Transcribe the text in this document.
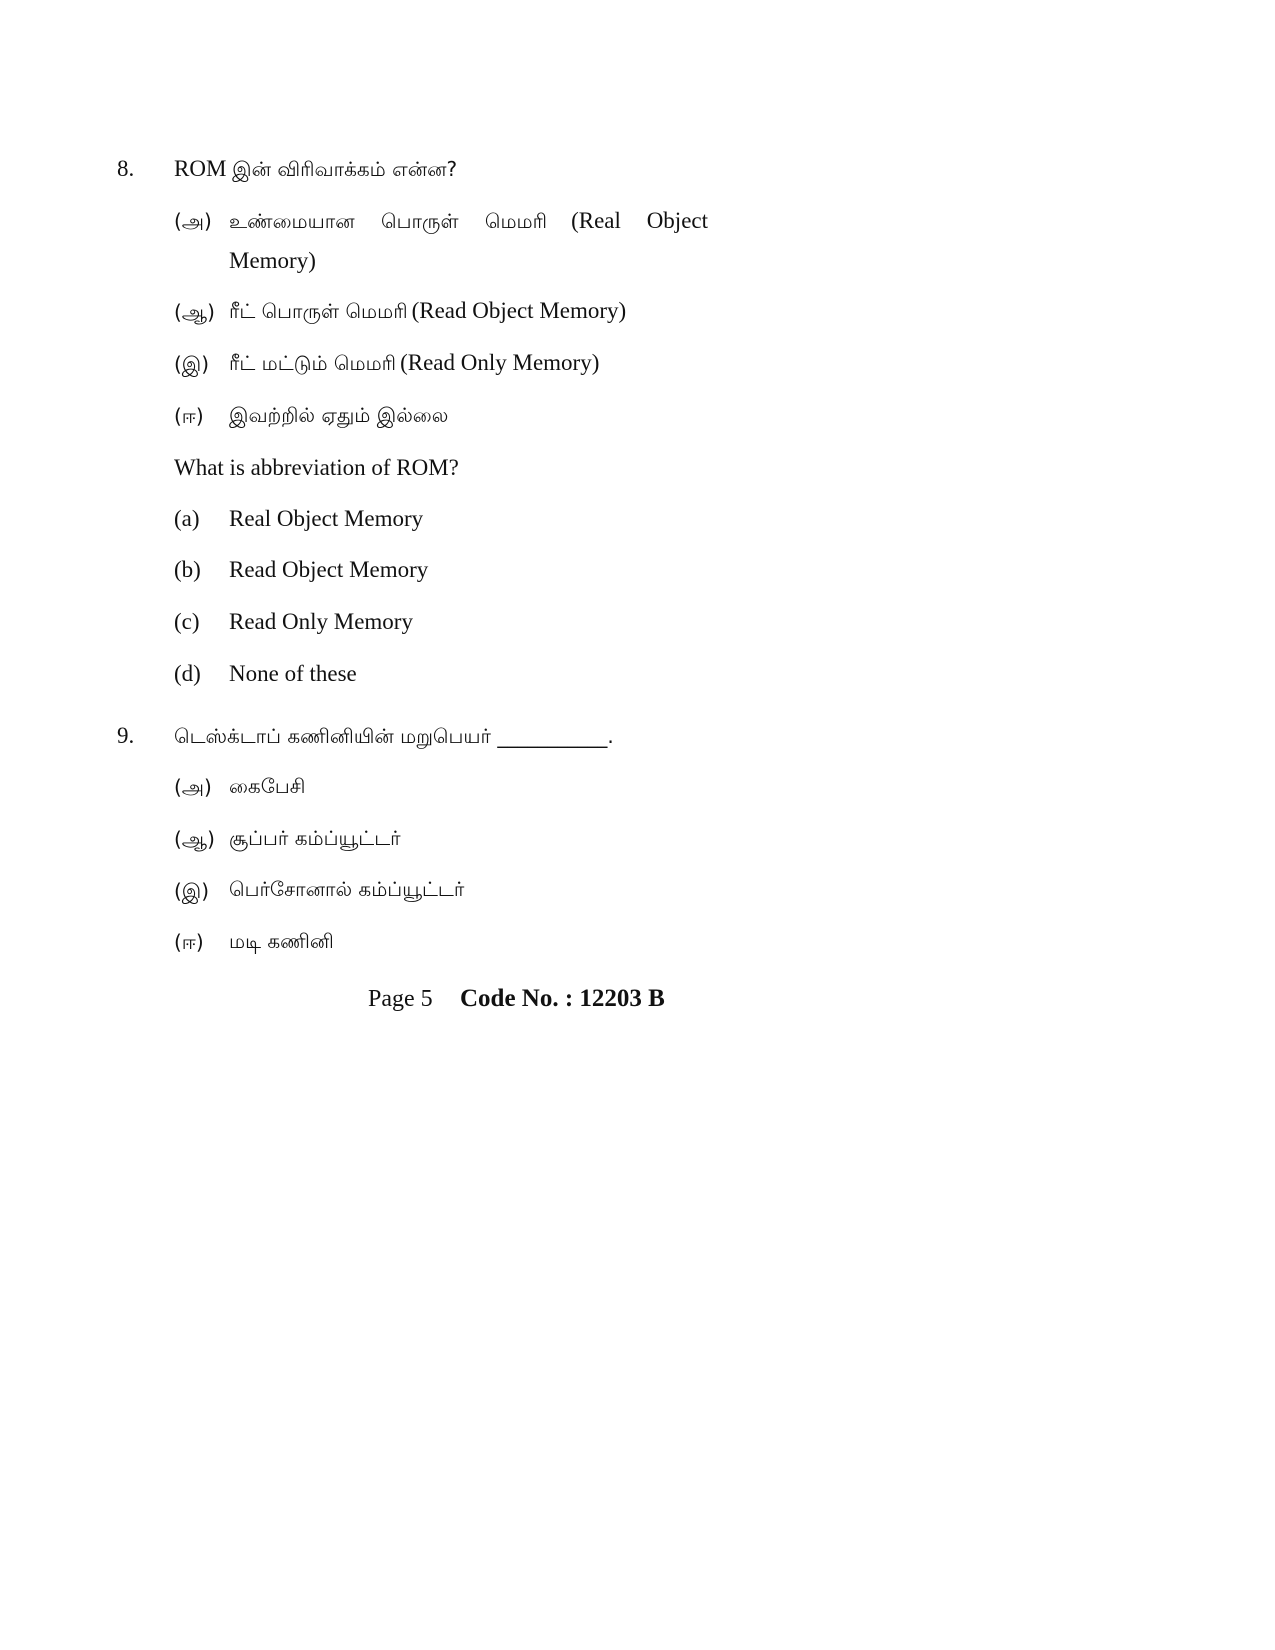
8. ROM இன் விரிவாக்கம் என்ன?
(அ) உண்மையான பொருள் மெமரி (Real Object
Memory)
(ஆ) ரீட் பொருள் மெமரி (Read Object Memory)
(இ) ரீட் மட்டும் மெமரி (Read Only Memory)
(ஈ) இவற்றில் ஏதும் இல்லை
What is abbreviation of ROM?
(a) Real Object Memory
(b) Read Object Memory
(c) Read Only Memory
(d) None of these
9. டெஸ்க்டாப் கணினியின் மறுபெயர் ___________.
(அ) கைபேசி
(ஆ) சூப்பர் கம்ப்யூட்டர்
(இ) பெர்சோனால் கம்ப்யூட்டர்
(ஈ) மடி கணினி
Page 5 Code No. : 12203 B
